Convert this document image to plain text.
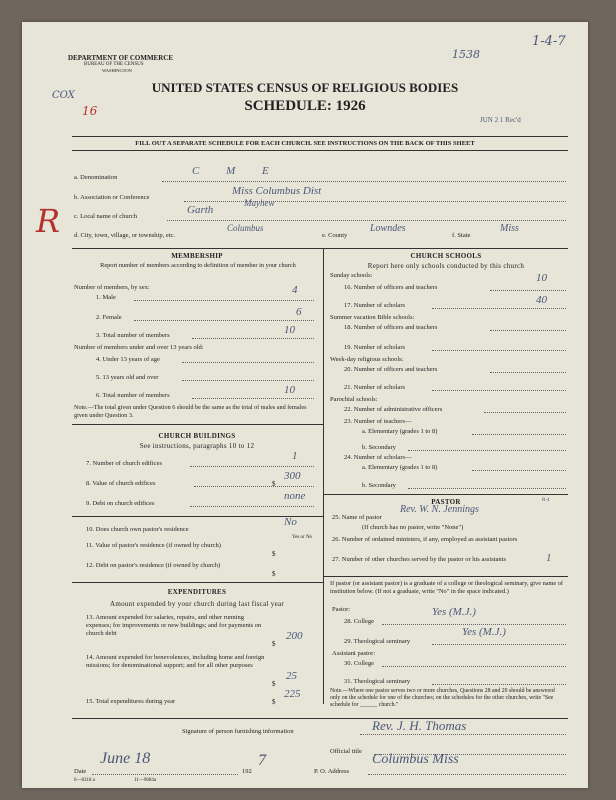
DEPARTMENT OF COMMERCE
BUREAU OF THE CENSUS
WASHINGTON
1538
1-4-7
COX
16
R
UNITED STATES CENSUS OF RELIGIOUS BODIES
SCHEDULE: 1926
JUN 2 1 Rec'd
FILL OUT A SEPARATE SCHEDULE FOR EACH CHURCH. SEE INSTRUCTIONS ON THE BACK OF THIS SHEET
a. Denomination
C M E
b. Association or Conference
Miss Columbus Dist
c. Local name of church
Garth
Mayhew
d. City, town, village, or township, etc.
Columbus
e. County
Lowndes
f. State
Miss
MEMBERSHIP
Report number of members according to definition of member in your church
Number of members, by sex:
1. Male
4
2. Female	6
3. Total number of members	10
Number of members under and over 13 years old:
4. Under 13 years of age
5. 13 years old and over
6. Total number of members	10
Note.—The total given under Question 6 should be the same as the total of males and females given under Question 3.
CHURCH BUILDINGS
See instructions, paragraphs 10 to 12
7. Number of church edifices
1
8. Value of church edifices	$
300
9. Debt on church edifices
none
10. Does church own pastor's residence
No
Yes or No
11. Value of pastor's residence (if owned by church)
$
12. Debt on pastor's residence (if owned by church)
$
EXPENDITURES
Amount expended by your church during last fiscal year
13. Amount expended for salaries, repairs, and other running expenses; for improvements or new buildings; and for payments on church debt
$
200
14. Amount expended for benevolences, including home and foreign missions; for denominational support; and for all other purposes
$
25
15. Total expenditures during year	$
225
CHURCH SCHOOLS
Report here only schools conducted by this church
Sunday schools:
16. Number of officers and teachers
10
17. Number of scholars	40
Summer vacation Bible schools:
18. Number of officers and teachers
19. Number of scholars
Week-day religious schools:
20. Number of officers and teachers
21. Number of scholars
Parochial schools:
22. Number of administrative officers
23. Number of teachers—
a. Elementary (grades 1 to 8)
b. Secondary
24. Number of scholars—
a. Elementary (grades 1 to 8)
b. Secondary
PASTOR	R-4
25. Name of pastor
Rev. W. N. Jennings
(If church has no pastor, write "None")
26. Number of ordained ministers, if any, employed as assistant pastors
27. Number of other churches served by the pastor or his assistants	1
If pastor (or assistant pastor) is a graduate of a college or theological seminary, give name of institution below. (If not a graduate, write "No" in the space indicated.)
Pastor:
28. College
Yes (M.J.)
29. Theological seminary
Yes (M.J.)
Assistant pastor:
30. College
31. Theological seminary
Note.—Where one pastor serves two or more churches, Questions 28 and 29 should be answered only on the schedule for one of the churches; on the schedules for the other churches, write "See schedule for ______ church."
Signature of person furnishing information	Rev. J. H. Thomas
Official title
Date
June 18
192
7
P. O. Address
Columbus Miss
6—8318 a	11—9684a
